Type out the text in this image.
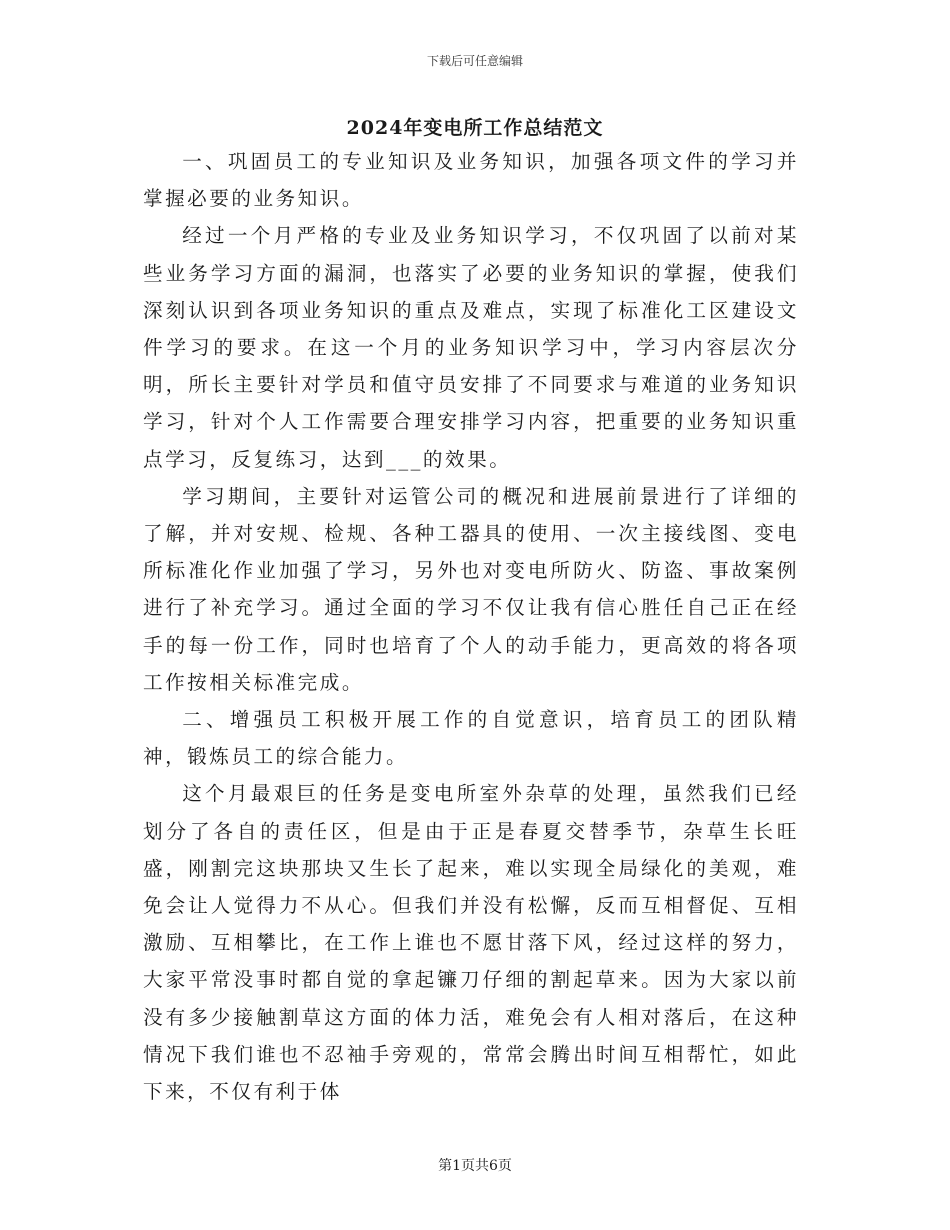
下载后可任意编辑
2024年变电所工作总结范文

一、巩固员工的专业知识及业务知识，加强各项文件的学习并掌握必要的业务知识。

经过一个月严格的专业及业务知识学习，不仅巩固了以前对某些业务学习方面的漏洞，也落实了必要的业务知识的掌握，使我们深刻认识到各项业务知识的重点及难点，实现了标准化工区建设文件学习的要求。在这一个月的业务知识学习中，学习内容层次分明，所长主要针对学员和值守员安排了不同要求与难道的业务知识学习，针对个人工作需要合理安排学习内容，把重要的业务知识重点学习，反复练习，达到___的效果。

学习期间，主要针对运管公司的概况和进展前景进行了详细的了解，并对安规、检规、各种工器具的使用、一次主接线图、变电所标准化作业加强了学习，另外也对变电所防火、防盗、事故案例进行了补充学习。通过全面的学习不仅让我有信心胜任自己正在经手的每一份工作，同时也培育了个人的动手能力，更高效的将各项工作按相关标准完成。

二、增强员工积极开展工作的自觉意识，培育员工的团队精神，锻炼员工的综合能力。

这个月最艰巨的任务是变电所室外杂草的处理，虽然我们已经划分了各自的责任区，但是由于正是春夏交替季节，杂草生长旺盛，刚割完这块那块又生长了起来，难以实现全局绿化的美观，难免会让人觉得力不从心。但我们并没有松懈，反而互相督促、互相激励、互相攀比，在工作上谁也不愿甘落下风，经过这样的努力，大家平常没事时都自觉的拿起镰刀仔细的割起草来。因为大家以前没有多少接触割草这方面的体力活，难免会有人相对落后，在这种情况下我们谁也不忍袖手旁观的，常常会腾出时间互相帮忙，如此下来，不仅有利于体

第1页共6页
